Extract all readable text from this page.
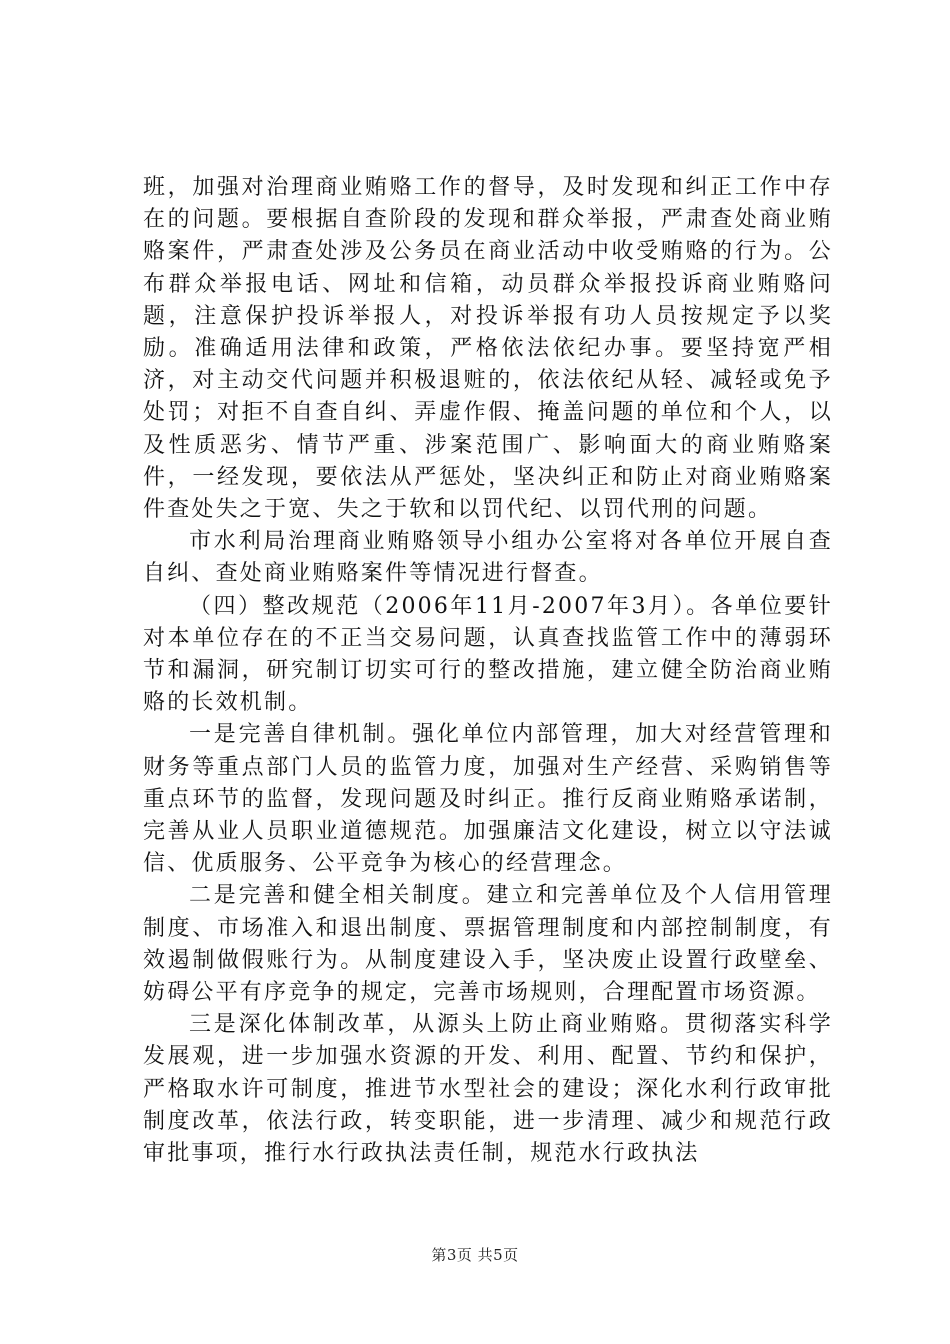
班，加强对治理商业贿赂工作的督导，及时发现和纠正工作中存在的问题。要根据自查阶段的发现和群众举报，严肃查处商业贿赂案件，严肃查处涉及公务员在商业活动中收受贿赂的行为。公布群众举报电话、网址和信箱，动员群众举报投诉商业贿赂问题，注意保护投诉举报人，对投诉举报有功人员按规定予以奖励。准确适用法律和政策，严格依法依纪办事。要坚持宽严相济，对主动交代问题并积极退赃的，依法依纪从轻、减轻或免予处罚；对拒不自查自纠、弄虚作假、掩盖问题的单位和个人，以及性质恶劣、情节严重、涉案范围广、影响面大的商业贿赂案件，一经发现，要依法从严惩处，坚决纠正和防止对商业贿赂案件查处失之于宽、失之于软和以罚代纪、以罚代刑的问题。

市水利局治理商业贿赂领导小组办公室将对各单位开展自查自纠、查处商业贿赂案件等情况进行督查。

（四）整改规范（2006年11月-2007年3月）。各单位要针对本单位存在的不正当交易问题，认真查找监管工作中的薄弱环节和漏洞，研究制订切实可行的整改措施，建立健全防治商业贿赂的长效机制。

一是完善自律机制。强化单位内部管理，加大对经营管理和财务等重点部门人员的监管力度，加强对生产经营、采购销售等重点环节的监督，发现问题及时纠正。推行反商业贿赂承诺制，完善从业人员职业道德规范。加强廉洁文化建设，树立以守法诚信、优质服务、公平竞争为核心的经营理念。

二是完善和健全相关制度。建立和完善单位及个人信用管理制度、市场准入和退出制度、票据管理制度和内部控制制度，有效遏制做假账行为。从制度建设入手，坚决废止设置行政壁垒、妨碍公平有序竞争的规定，完善市场规则，合理配置市场资源。

三是深化体制改革，从源头上防止商业贿赂。贯彻落实科学发展观，进一步加强水资源的开发、利用、配置、节约和保护，严格取水许可制度，推进节水型社会的建设；深化水利行政审批制度改革，依法行政，转变职能，进一步清理、减少和规范行政审批事项，推行水行政执法责任制，规范水行政执法

第3页 共5页
